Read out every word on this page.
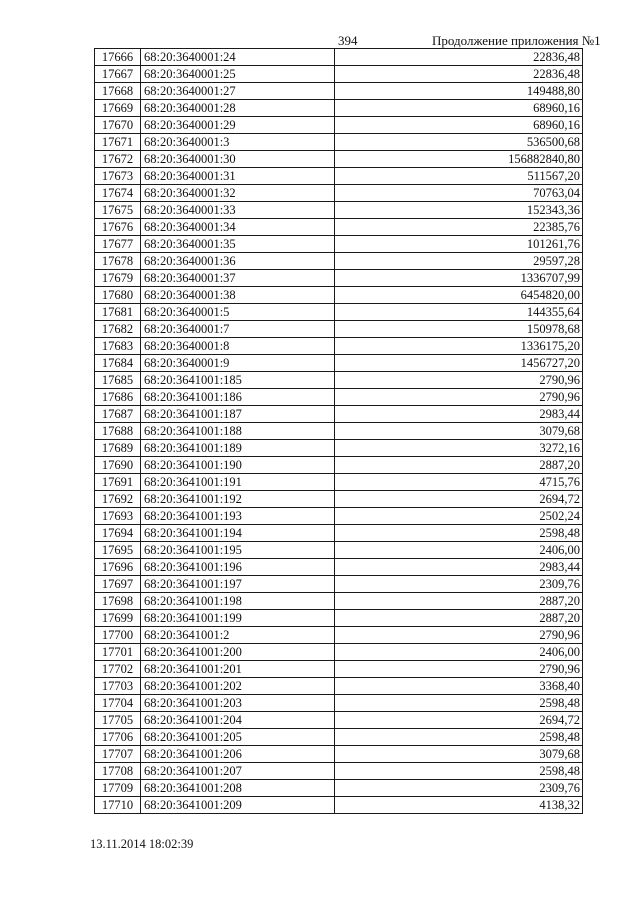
394	Продолжение приложения №1
17666	68:20:3640001:24	22836,48
17667	68:20:3640001:25	22836,48
17668	68:20:3640001:27	149488,80
17669	68:20:3640001:28	68960,16
17670	68:20:3640001:29	68960,16
17671	68:20:3640001:3	536500,68
17672	68:20:3640001:30	156882840,80
17673	68:20:3640001:31	511567,20
17674	68:20:3640001:32	70763,04
17675	68:20:3640001:33	152343,36
17676	68:20:3640001:34	22385,76
17677	68:20:3640001:35	101261,76
17678	68:20:3640001:36	29597,28
17679	68:20:3640001:37	1336707,99
17680	68:20:3640001:38	6454820,00
17681	68:20:3640001:5	144355,64
17682	68:20:3640001:7	150978,68
17683	68:20:3640001:8	1336175,20
17684	68:20:3640001:9	1456727,20
17685	68:20:3641001:185	2790,96
17686	68:20:3641001:186	2790,96
17687	68:20:3641001:187	2983,44
17688	68:20:3641001:188	3079,68
17689	68:20:3641001:189	3272,16
17690	68:20:3641001:190	2887,20
17691	68:20:3641001:191	4715,76
17692	68:20:3641001:192	2694,72
17693	68:20:3641001:193	2502,24
17694	68:20:3641001:194	2598,48
17695	68:20:3641001:195	2406,00
17696	68:20:3641001:196	2983,44
17697	68:20:3641001:197	2309,76
17698	68:20:3641001:198	2887,20
17699	68:20:3641001:199	2887,20
17700	68:20:3641001:2	2790,96
17701	68:20:3641001:200	2406,00
17702	68:20:3641001:201	2790,96
17703	68:20:3641001:202	3368,40
17704	68:20:3641001:203	2598,48
17705	68:20:3641001:204	2694,72
17706	68:20:3641001:205	2598,48
17707	68:20:3641001:206	3079,68
17708	68:20:3641001:207	2598,48
17709	68:20:3641001:208	2309,76
17710	68:20:3641001:209	4138,32
13.11.2014 18:02:39
